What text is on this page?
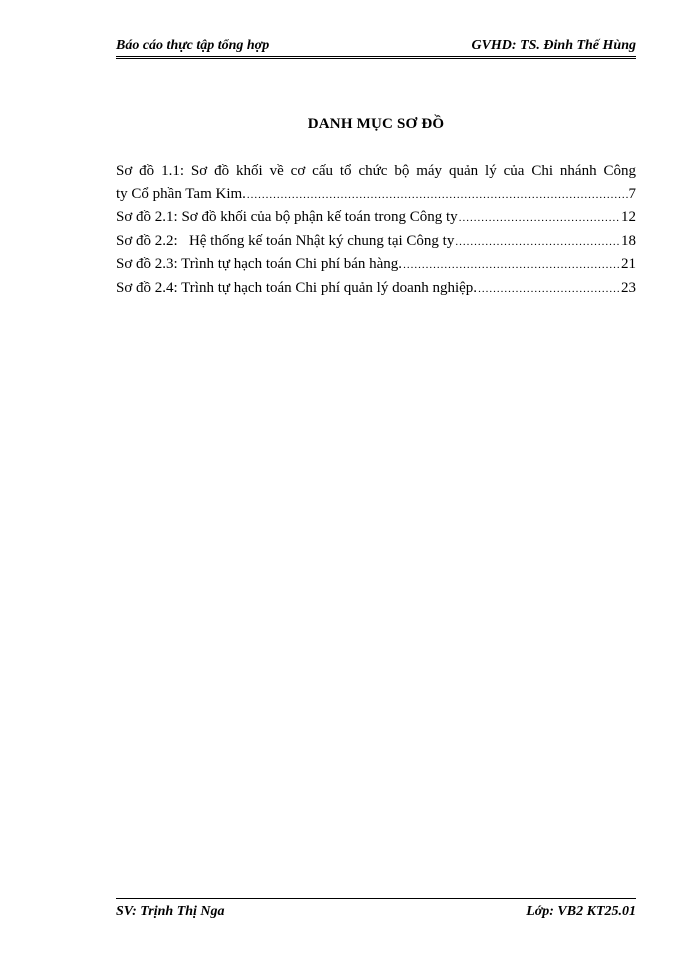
Báo cáo thực tập tổng hợp	GVHD: TS. Đinh Thế Hùng
DANH MỤC SƠ ĐỒ
Sơ đồ 1.1: Sơ đồ khối về cơ cấu tổ chức bộ máy quản lý của Chi nhánh Công
ty Cổ phần Tam Kim. .....	7
Sơ đồ 2.1: Sơ đồ khối của bộ phận kế toán trong Công ty .....	12
Sơ đồ 2.2:   Hệ thống kế toán Nhật ký chung tại Công ty .....	18
Sơ đồ 2.3: Trình tự hạch toán Chi phí bán hàng. .....	21
Sơ đồ 2.4: Trình tự hạch toán Chi phí quản lý doanh nghiệp. .....	23
SV: Trịnh Thị Nga	Lớp: VB2 KT25.01
